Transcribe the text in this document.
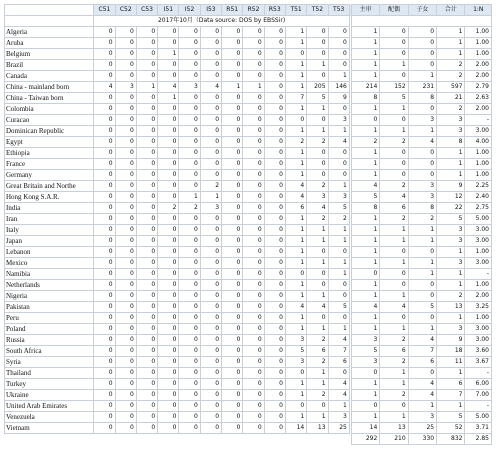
	C51	C52	C53	I51	I52	I53	R51	R52	R53	T51	T52	T53		主审	配偶	子女	合计	1:N
	2017年10月（Data source: DOS by EBSSir)																	
Algeria	0	0	0	0	0	0	0	0	0	1	0	0		1	0	0	1	1.00
Aruba	0	0	0	0	0	0	0	0	0	1	0	0		1	0	0	1	1.00
Belgium	0	0	0	1	0	0	0	0	0	0	0	0		1	0	0	1	1.00
Brazil	0	0	0	0	0	0	0	0	0	1	1	0		1	1	0	2	2.00
Canada	0	0	0	0	0	0	0	0	0	1	0	1		1	0	1	2	2.00
China - mainland born	4	3	1	4	3	4	1	1	0	1	205	146		214	152	231	597	2.79
China - Taiwan born	0	0	0	1	0	0	0	0	0	7	5	9		8	5	8	21	2.63
Colombia	0	0	0	0	0	0	0	0	0	1	1	0		1	1	0	2	2.00
Curacao	0	0	0	0	0	0	0	0	0	0	0	3		0	0	3	3	-
Dominican Republic	0	0	0	0	0	0	0	0	0	1	1	1		1	1	1	3	3.00
Egypt	0	0	0	0	0	0	0	0	0	2	2	4		2	2	4	8	4.00
Ethiopia	0	0	0	0	0	0	0	0	0	1	0	0		1	0	0	1	1.00
France	0	0	0	0	0	0	0	0	0	1	0	0		1	0	0	1	1.00
Germany	0	0	0	0	0	0	0	0	0	1	0	0		1	0	0	1	1.00
Great Britain and Northe	0	0	0	0	0	2	0	0	0	4	2	1		4	2	3	9	2.25
Hong Kong S.A.R.	0	0	0	0	1	1	0	0	0	4	3	3		5	4	3	12	2.40
India	0	0	0	2	2	3	0	0	0	6	4	5		8	6	8	22	2.75
Iran	0	0	0	0	0	0	0	0	0	1	2	2		1	2	2	5	5.00
Italy	0	0	0	0	0	0	0	0	0	1	1	1		1	1	1	3	3.00
Japan	0	0	0	0	0	0	0	0	0	1	1	1		1	1	1	3	3.00
Lebanon	0	0	0	0	0	0	0	0	0	1	0	0		1	0	0	1	1.00
Mexico	0	0	0	0	0	0	0	0	0	1	1	1		1	1	1	3	3.00
Namibia	0	0	0	0	0	0	0	0	0	0	0	1		0	0	1	1	-
Netherlands	0	0	0	0	0	0	0	0	0	1	0	0		1	0	0	1	1.00
Nigeria	0	0	0	0	0	0	0	0	0	1	1	0		1	1	0	2	2.00
Pakistan	0	0	0	0	0	0	0	0	0	4	4	5		4	4	5	13	3.25
Peru	0	0	0	0	0	0	0	0	0	1	0	0		1	0	0	1	1.00
Poland	0	0	0	0	0	0	0	0	0	1	1	1		1	1	1	3	3.00
Russia	0	0	0	0	0	0	0	0	0	3	2	4		3	2	4	9	3.00
South Africa	0	0	0	0	0	0	0	0	0	5	6	7		5	6	7	18	3.60
Syria	0	0	0	0	0	0	0	0	0	3	2	6		3	2	6	11	3.67
Thailand	0	0	0	0	0	0	0	0	0	0	1	0		0	1	0	1	-
Turkey	0	0	0	0	0	0	0	0	0	1	1	4		1	1	4	6	6.00
Ukraine	0	0	0	0	0	0	0	0	0	1	2	4		1	2	4	7	7.00
United Arab Emirates	0	0	0	0	0	0	0	0	0	0	0	1		0	0	1	1	-
Venezuela	0	0	0	0	0	0	0	0	0	1	1	3		1	1	3	5	5.00
Vietnam	0	0	0	0	0	0	0	0	0	14	13	25		14	13	25	52	3.71
														292	210	330	832	2.85
